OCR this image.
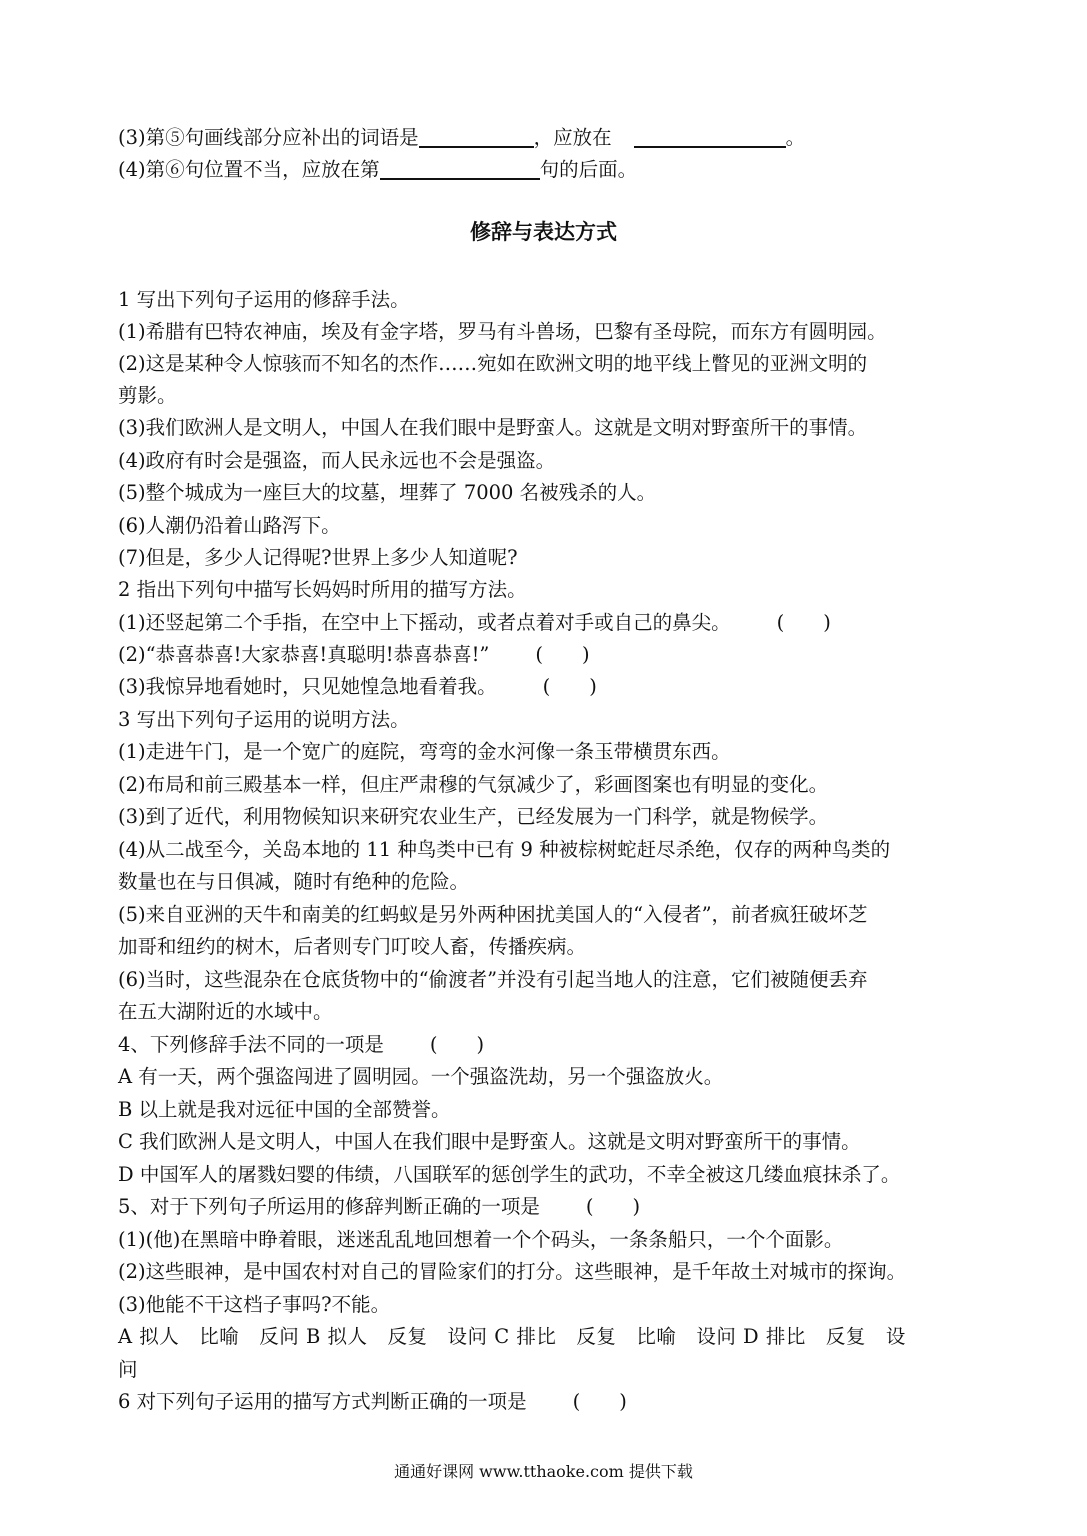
(3)第⑤句画线部分应补出的词语是	，应放在	。
(4)第⑥句位置不当，应放在第	句的后面。
修辞与表达方式
1 写出下列句子运用的修辞手法。
(1)希腊有巴特农神庙，埃及有金字塔，罗马有斗兽场，巴黎有圣母院，而东方有圆明园。
(2)这是某种令人惊骇而不知名的杰作……宛如在欧洲文明的地平线上瞥见的亚洲文明的
剪影。
(3)我们欧洲人是文明人，中国人在我们眼中是野蛮人。这就是文明对野蛮所干的事情。
(4)政府有时会是强盗，而人民永远也不会是强盗。
(5)整个城成为一座巨大的坟墓，埋葬了 7000 名被残杀的人。
(6)人潮仍沿着山路泻下。
(7)但是，多少人记得呢?世界上多少人知道呢?
2 指出下列句中描写长妈妈时所用的描写方法。
(1)还竖起第二个手指，在空中上下摇动，或者点着对手或自己的鼻尖。 (　　)
(2)“恭喜恭喜!大家恭喜!真聪明!恭喜恭喜!” (　　)
(3)我惊异地看她时，只见她惶急地看着我。 (　　)
3 写出下列句子运用的说明方法。
(1)走进午门，是一个宽广的庭院，弯弯的金水河像一条玉带横贯东西。
(2)布局和前三殿基本一样，但庄严肃穆的气氛减少了，彩画图案也有明显的变化。
(3)到了近代，利用物候知识来研究农业生产，已经发展为一门科学，就是物候学。
(4)从二战至今，关岛本地的 11 种鸟类中已有 9 种被棕树蛇赶尽杀绝，仅存的两种鸟类的
数量也在与日俱减，随时有绝种的危险。
(5)来自亚洲的天牛和南美的红蚂蚁是另外两种困扰美国人的“入侵者”，前者疯狂破坏芝
加哥和纽约的树木，后者则专门叮咬人畜，传播疾病。
(6)当时，这些混杂在仓底货物中的“偷渡者”并没有引起当地人的注意，它们被随便丢弃
在五大湖附近的水域中。
4、下列修辞手法不同的一项是 (　　)
A 有一天，两个强盗闯进了圆明园。一个强盗洗劫，另一个强盗放火。
B 以上就是我对远征中国的全部赞誉。
C 我们欧洲人是文明人，中国人在我们眼中是野蛮人。这就是文明对野蛮所干的事情。
D 中国军人的屠戮妇婴的伟绩，八国联军的惩创学生的武功，不幸全被这几缕血痕抹杀了。
5、对于下列句子所运用的修辞判断正确的一项是 (　　)
(1)(他)在黑暗中睁着眼，迷迷乱乱地回想着一个个码头，一条条船只，一个个面影。
(2)这些眼神，是中国农村对自己的冒险家们的打分。这些眼神，是千年故土对城市的探询。
(3)他能不干这档子事吗?不能。
A 拟人　比喻　反问 B 拟人　反复　设问 C 排比　反复　比喻　设问 D 排比　反复　设
问
6 对下列句子运用的描写方式判断正确的一项是 (　　)
通通好课网 www.tthaoke.com 提供下载
